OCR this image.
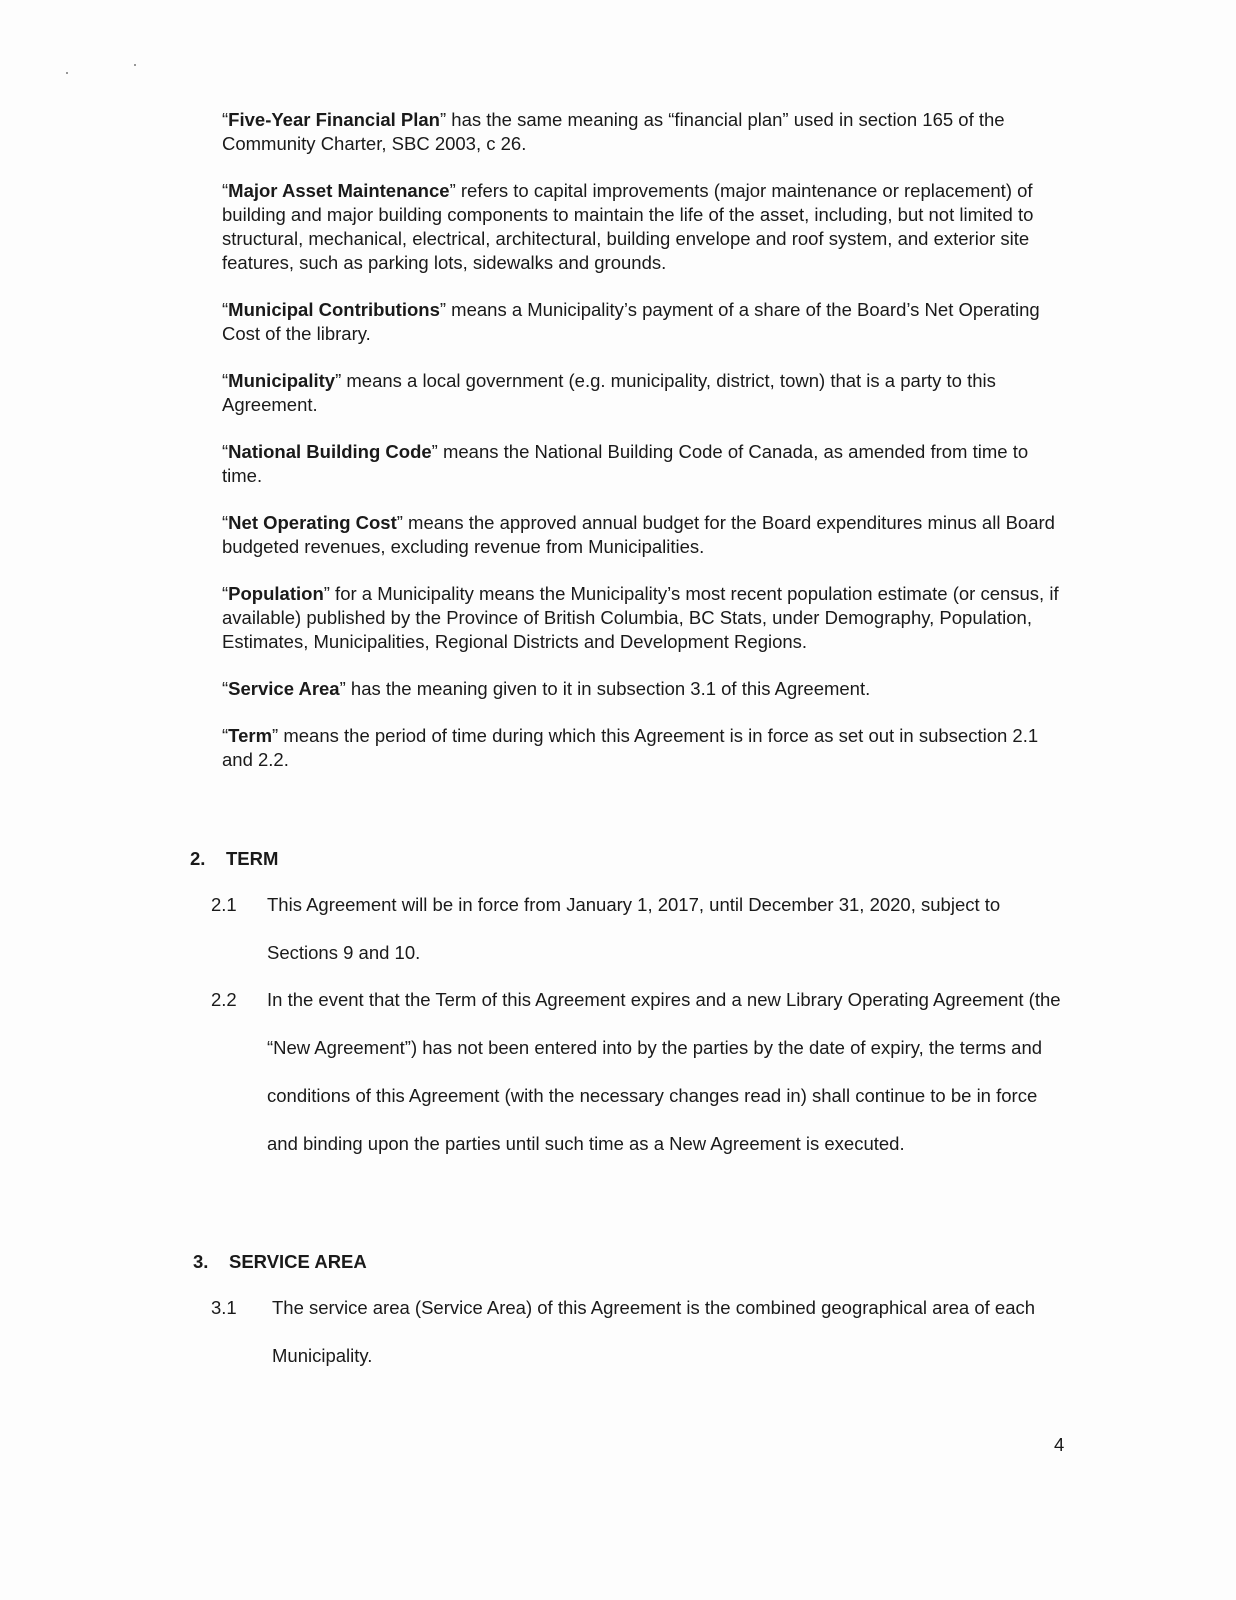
“Five-Year Financial Plan” has the same meaning as “financial plan” used in section 165 of the Community Charter, SBC 2003, c 26.

“Major Asset Maintenance” refers to capital improvements (major maintenance or replacement) of building and major building components to maintain the life of the asset, including, but not limited to structural, mechanical, electrical, architectural, building envelope and roof system, and exterior site features, such as parking lots, sidewalks and grounds.

“Municipal Contributions” means a Municipality’s payment of a share of the Board’s Net Operating Cost of the library.

“Municipality” means a local government (e.g. municipality, district, town) that is a party to this Agreement.

“National Building Code” means the National Building Code of Canada, as amended from time to time.

“Net Operating Cost” means the approved annual budget for the Board expenditures minus all Board budgeted revenues, excluding revenue from Municipalities.

“Population” for a Municipality means the Municipality’s most recent population estimate (or census, if available) published by the Province of British Columbia, BC Stats, under Demography, Population, Estimates, Municipalities, Regional Districts and Development Regions.

“Service Area” has the meaning given to it in subsection 3.1 of this Agreement.

“Term” means the period of time during which this Agreement is in force as set out in subsection 2.1 and 2.2.

2. TERM
2.1 This Agreement will be in force from January 1, 2017, until December 31, 2020, subject to Sections 9 and 10.
2.2 In the event that the Term of this Agreement expires and a new Library Operating Agreement (the “New Agreement”) has not been entered into by the parties by the date of expiry, the terms and conditions of this Agreement (with the necessary changes read in) shall continue to be in force and binding upon the parties until such time as a New Agreement is executed.
3. SERVICE AREA
3.1 The service area (Service Area) of this Agreement is the combined geographical area of each Municipality.
4
